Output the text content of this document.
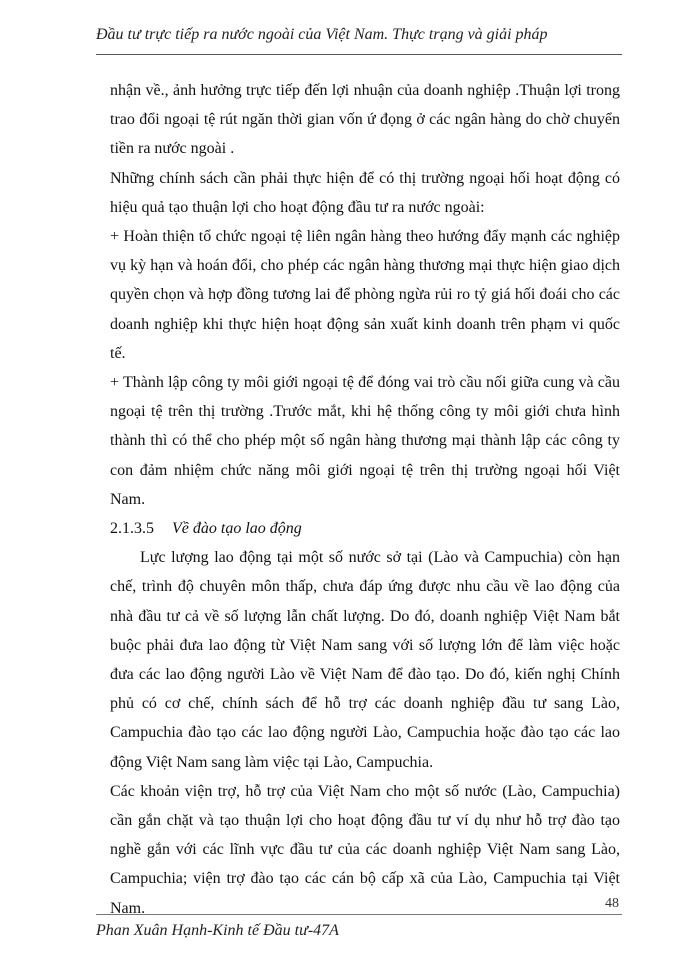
Đầu tư trực tiếp ra nước ngoài của Việt Nam. Thực trạng và giải pháp

nhận về., ảnh hưởng trực tiếp đến lợi nhuận của doanh nghiệp .Thuận lợi trong trao đổi ngoại tệ rút ngăn thời gian vốn ứ đọng ở các ngân hàng do chờ chuyển tiền ra nước ngoài .

Những chính sách cần phải thực hiện để có thị trường ngoại hối hoạt động có hiệu quả tạo thuận lợi cho hoạt động đầu tư ra nước ngoài:

+ Hoàn thiện tổ chức ngoại tệ liên ngân hàng theo hướng đẩy mạnh các nghiệp vụ kỳ hạn và hoán đổi, cho phép các ngân hàng thương mại thực hiện giao dịch quyền chọn và hợp đồng tương lai để phòng ngừa rủi ro tỷ giá hối đoái cho các doanh nghiệp khi thực hiện hoạt động sản xuất kinh doanh trên phạm vi quốc tế.

+ Thành lập công ty môi giới ngoại tệ để đóng vai trò cầu nối giữa cung và cầu ngoại tệ trên thị trường .Trước mắt, khi hệ thống công ty môi giới chưa hình thành thì có thể cho phép một số ngân hàng thương mại thành lập các công ty con đảm nhiệm chức năng môi giới ngoại tệ trên thị trường ngoại hối Việt Nam.

2.1.3.5 Về đào tạo lao động

Lực lượng lao động tại một số nước sở tại (Lào và Campuchia) còn hạn chế, trình độ chuyên môn thấp, chưa đáp ứng được nhu cầu về lao động của nhà đầu tư cả về số lượng lẫn chất lượng. Do đó, doanh nghiệp Việt Nam bắt buộc phải đưa lao động từ Việt Nam sang với số lượng lớn để làm việc hoặc đưa các lao động người Lào về Việt Nam để đào tạo. Do đó, kiến nghị Chính phủ có cơ chế, chính sách để hỗ trợ các doanh nghiệp đầu tư sang Lào, Campuchia đào tạo các lao động người Lào, Campuchia hoặc đào tạo các lao động Việt Nam sang làm việc tại Lào, Campuchia.

Các khoản viện trợ, hỗ trợ của Việt Nam cho một số nước (Lào, Campuchia) cần gắn chặt và tạo thuận lợi cho hoạt động đầu tư ví dụ như hỗ trợ đào tạo nghề gắn với các lĩnh vực đầu tư của các doanh nghiệp Việt Nam sang Lào, Campuchia; viện trợ đào tạo các cán bộ cấp xã của Lào, Campuchia tại Việt Nam.	48
Phan Xuân Hạnh-Kinh tế Đầu tư-47A
